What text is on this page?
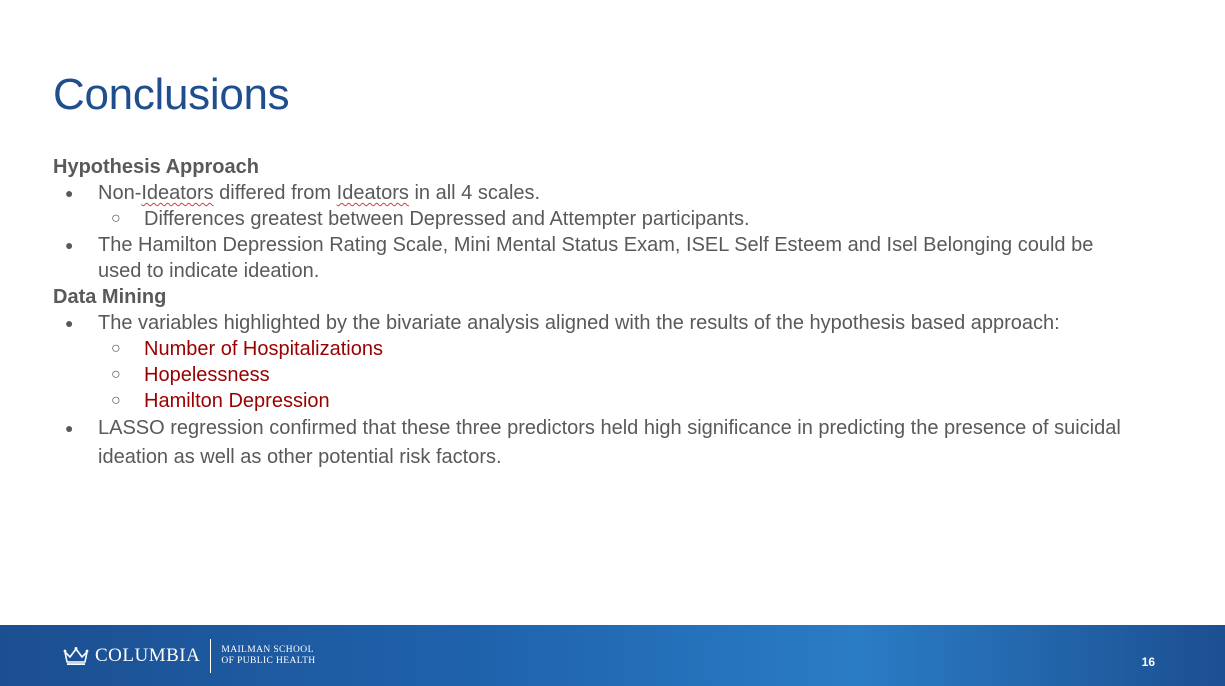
Conclusions
Hypothesis Approach
● Non-Ideators differed from Ideators in all 4 scales.
○ Differences greatest between Depressed and Attempter participants.
● The Hamilton Depression Rating Scale, Mini Mental Status Exam, ISEL Self Esteem and Isel Belonging could be used to indicate ideation.
Data Mining
● The variables highlighted by the bivariate analysis aligned with the results of the hypothesis based approach:
○ Number of Hospitalizations
○ Hopelessness
○ Hamilton Depression
● LASSO regression confirmed that these three predictors held high significance in predicting the presence of suicidal ideation as well as other potential risk factors.
COLUMBIA MAILMAN SCHOOL
OF PUBLIC HEALTH	16
